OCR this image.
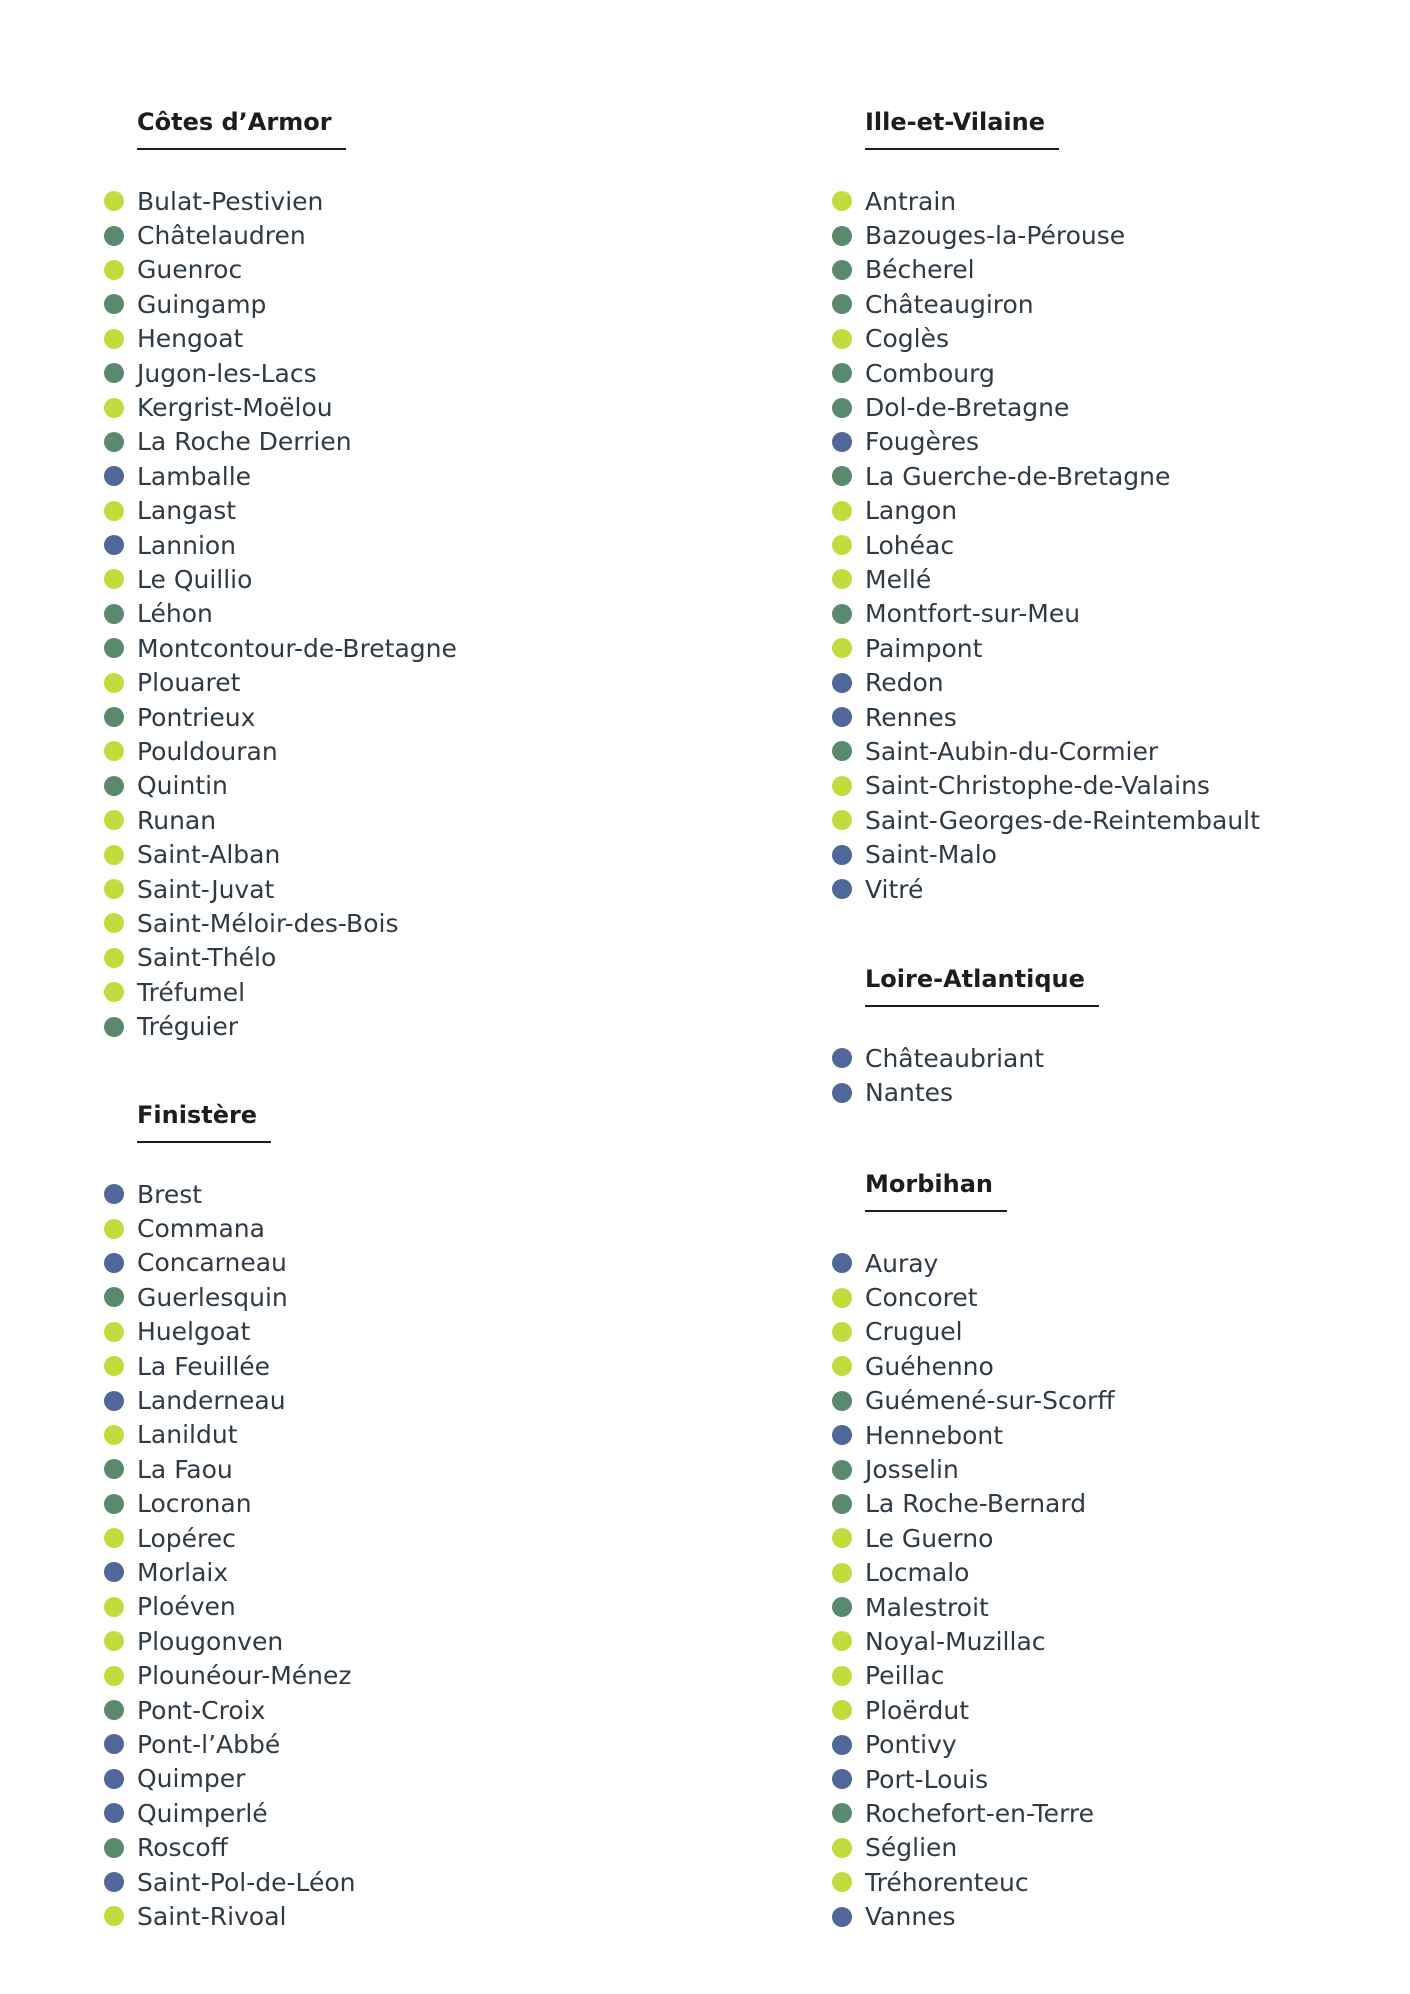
Côtes d’Armor
Bulat-Pestivien
Châtelaudren
Guenroc
Guingamp
Hengoat
Jugon-les-Lacs
Kergrist-Moëlou
La Roche Derrien
Lamballe
Langast
Lannion
Le Quillio
Léhon
Montcontour-de-Bretagne
Plouaret
Pontrieux
Pouldouran
Quintin
Runan
Saint-Alban
Saint-Juvat
Saint-Méloir-des-Bois
Saint-Thélo
Tréfumel
Tréguier
Finistère
Brest
Commana
Concarneau
Guerlesquin
Huelgoat
La Feuillée
Landerneau
Lanildut
La Faou
Locronan
Lopérec
Morlaix
Ploéven
Plougonven
Plounéour-Ménez
Pont-Croix
Pont-l’Abbé
Quimper
Quimperlé
Roscoff
Saint-Pol-de-Léon
Saint-Rivoal
Ille-et-Vilaine
Antrain
Bazouges-la-Pérouse
Bécherel
Châteaugiron
Coglès
Combourg
Dol-de-Bretagne
Fougères
La Guerche-de-Bretagne
Langon
Lohéac
Mellé
Montfort-sur-Meu
Paimpont
Redon
Rennes
Saint-Aubin-du-Cormier
Saint-Christophe-de-Valains
Saint-Georges-de-Reintembault
Saint-Malo
Vitré
Loire-Atlantique
Châteaubriant
Nantes
Morbihan
Auray
Concoret
Cruguel
Guéhenno
Guémené-sur-Scorff
Hennebont
Josselin
La Roche-Bernard
Le Guerno
Locmalo
Malestroit
Noyal-Muzillac
Peillac
Ploërdut
Pontivy
Port-Louis
Rochefort-en-Terre
Séglien
Tréhorenteuc
Vannes
